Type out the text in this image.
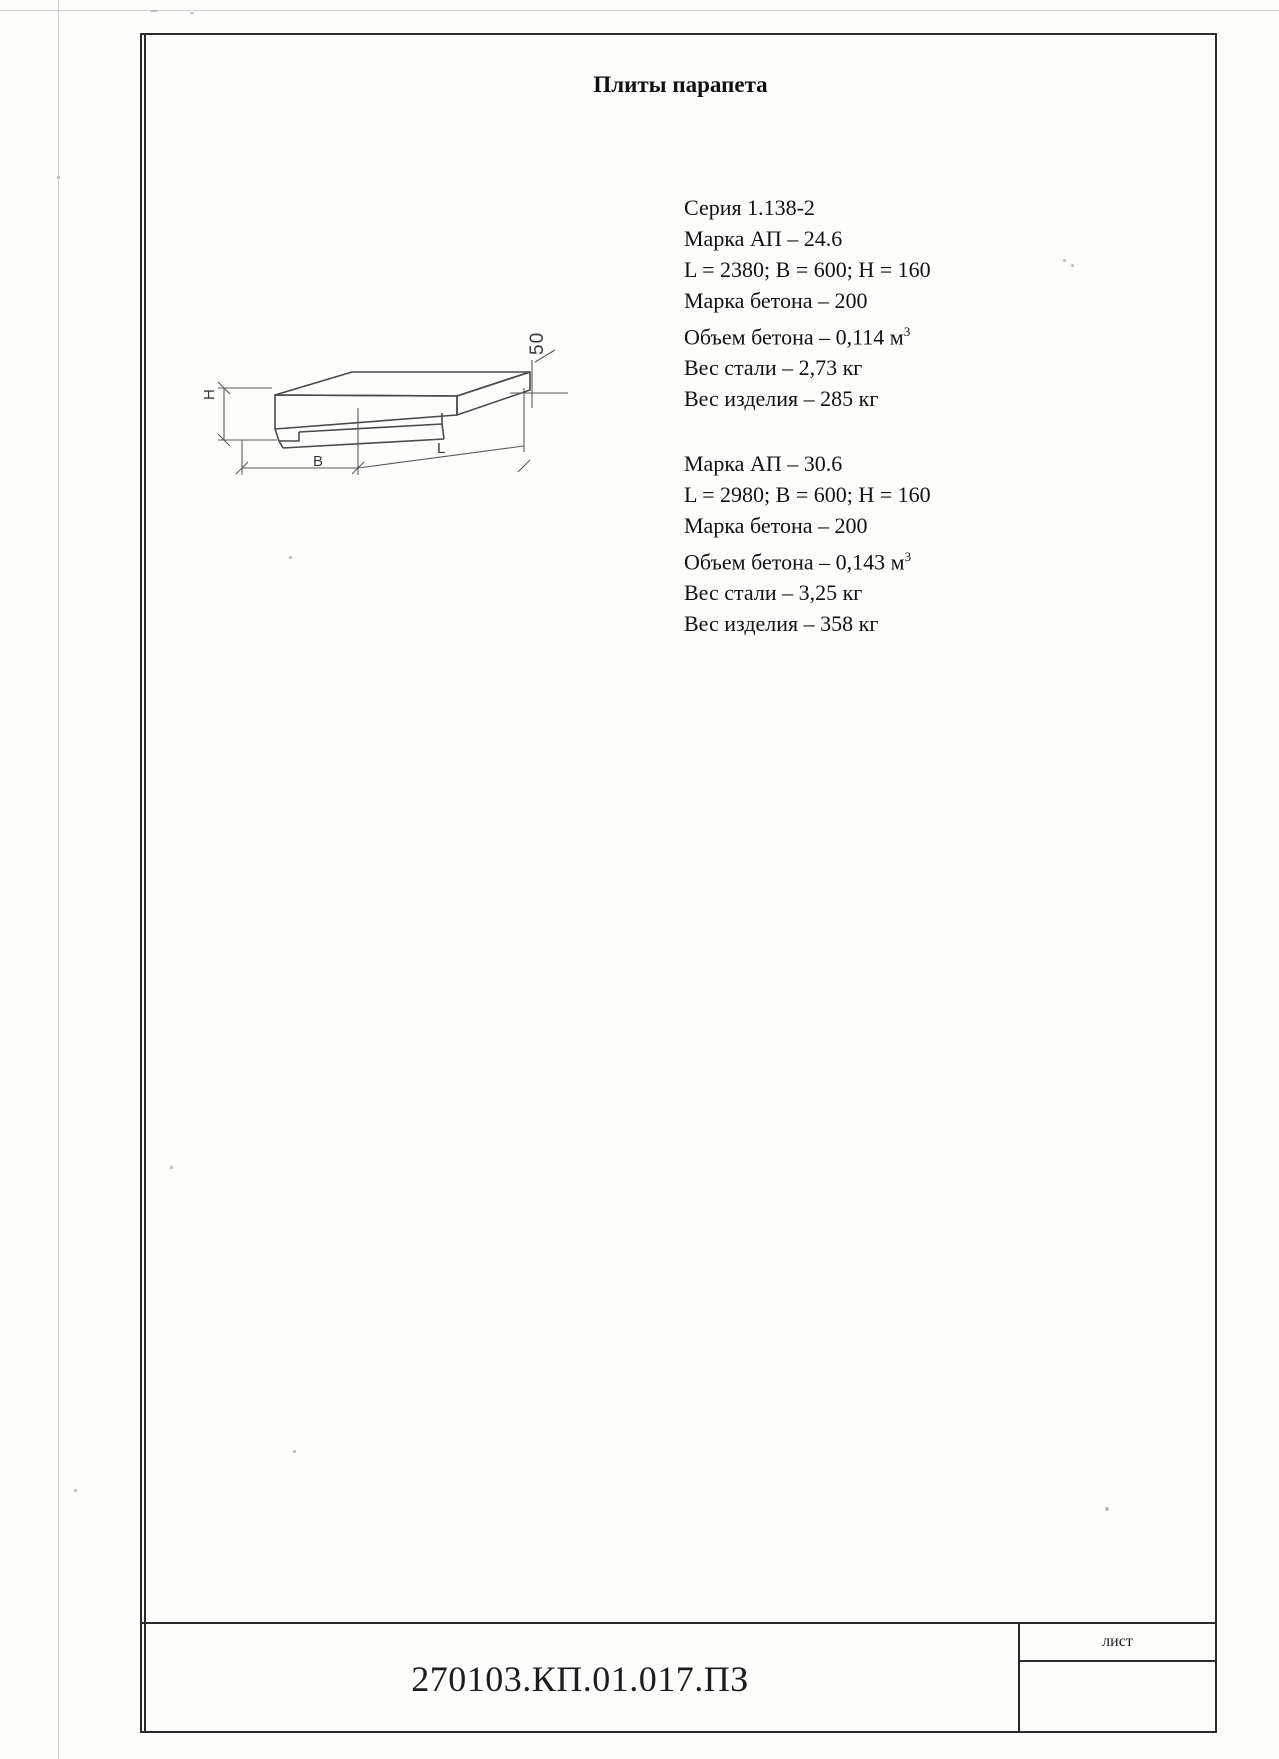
Плиты парапета
H
B
L
50
Серия 1.138-2
Марка АП – 24.6
L = 2380; B = 600; H = 160
Марка бетона – 200
Объем бетона – 0,114 $м^3$
Вес стали – 2,73 кг
Вес изделия – 285 кг
Марка АП – 30.6
L = 2980; B = 600; H = 160
Марка бетона – 200
Объем бетона – 0,143 $м^3$
Вес стали – 3,25 кг
Вес изделия – 358 кг
270103.КП.01.017.ПЗ
лист
